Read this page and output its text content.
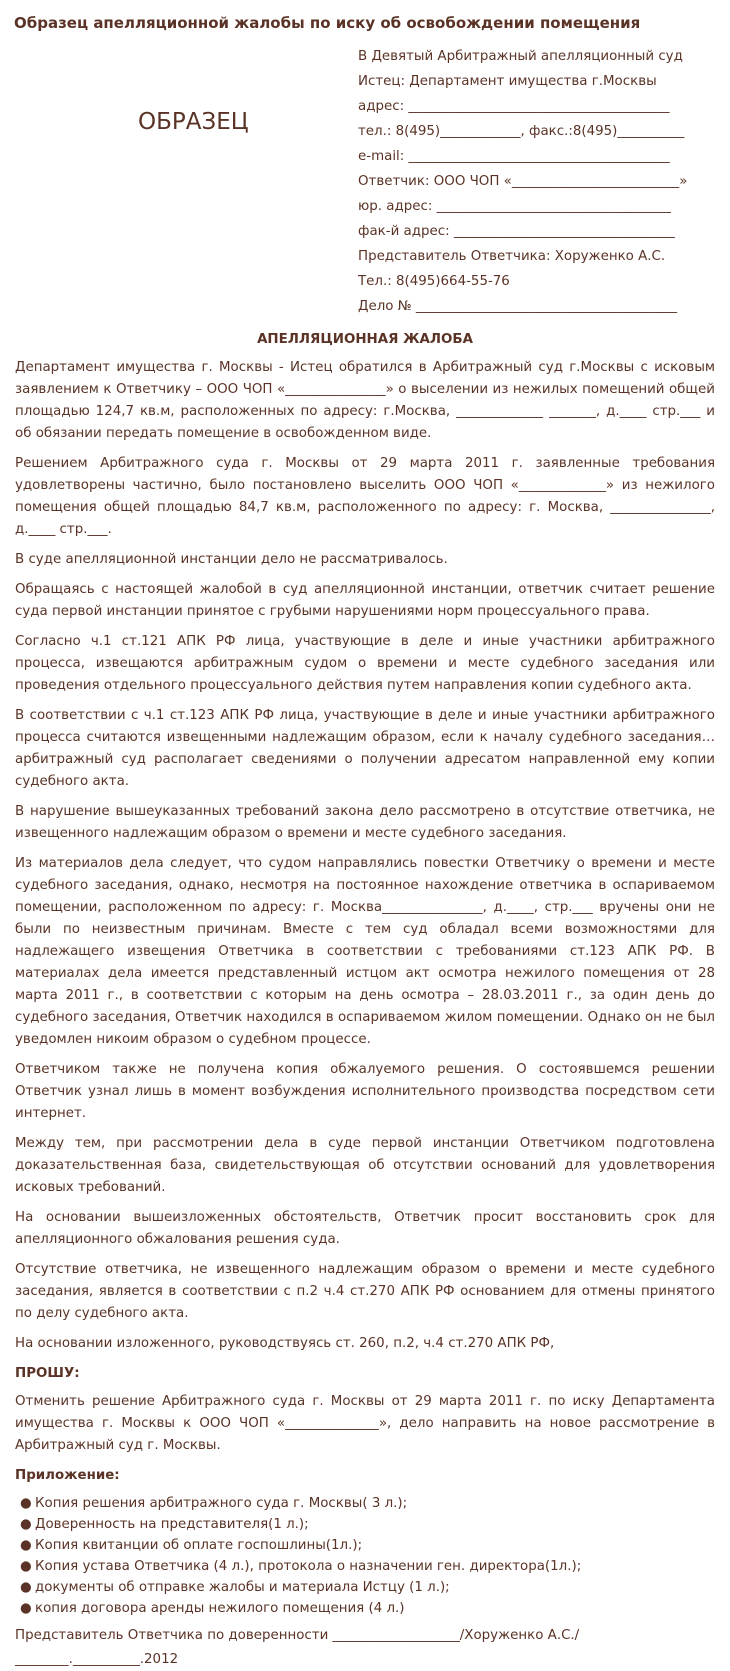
Образец апелляционной жалобы по иску об освобождении помещения
ОБРАЗЕЦ
В Девятый Арбитражный апелляционный суд
Истец: Департамент имущества г.Москвы
адрес: _______________________________________
тел.: 8(495)____________, факс.:8(495)__________
e-mail: _______________________________________
Ответчик: ООО ЧОП «_________________________»
юр. адрес: ___________________________________
фак-й адрес: _________________________________
Представитель Ответчика: Хоруженко А.С.
Тел.: 8(495)664-55-76
Дело № _______________________________________
АПЕЛЛЯЦИОННАЯ ЖАЛОБА

Департамент имущества г. Москвы - Истец обратился в Арбитражный суд г.Москвы с исковым заявлением к Ответчику – ООО ЧОП «_______________» о выселении из нежилых помещений общей площадью 124,7 кв.м, расположенных по адресу: г.Москва, _____________ _______, д.____ стр.___ и об обязании передать помещение в освобожденном виде.

Решением Арбитражного суда г. Москвы от 29 марта 2011 г. заявленные требования удовлетворены частично, было постановлено выселить ООО ЧОП «_____________» из нежилого помещения общей площадью 84,7 кв.м, расположенного по адресу: г. Москва, _______________, д.____ стр.___.

В суде апелляционной инстанции дело не рассматривалось.

Обращаясь с настоящей жалобой в суд апелляционной инстанции, ответчик считает решение суда первой инстанции принятое с грубыми нарушениями норм процессуального права.

Согласно ч.1 ст.121 АПК РФ лица, участвующие в деле и иные участники арбитражного процесса, извещаются арбитражным судом о времени и месте судебного заседания или проведения отдельного процессуального действия путем направления копии судебного акта.

В соответствии с ч.1 ст.123 АПК РФ лица, участвующие в деле и иные участники арбитражного процесса считаются извещенными надлежащим образом, если к началу судебного заседания… арбитражный суд располагает сведениями о получении адресатом направленной ему копии судебного акта.

В нарушение вышеуказанных требований закона дело рассмотрено в отсутствие ответчика, не извещенного надлежащим образом о времени и месте судебного заседания.

Из материалов дела следует, что судом направлялись повестки Ответчику о времени и месте судебного заседания, однако, несмотря на постоянное нахождение ответчика в оспариваемом помещении, расположенном по адресу: г. Москва_______________, д.____, стр.___ вручены они не были по неизвестным причинам. Вместе с тем суд обладал всеми возможностями для надлежащего извещения Ответчика в соответствии с требованиями ст.123 АПК РФ. В материалах дела имеется представленный истцом акт осмотра нежилого помещения от 28 марта 2011 г., в соответствии с которым на день осмотра – 28.03.2011 г., за один день до судебного заседания, Ответчик находился в оспариваемом жилом помещении. Однако он не был уведомлен никоим образом о судебном процессе.

Ответчиком также не получена копия обжалуемого решения. О состоявшемся решении Ответчик узнал лишь в момент возбуждения исполнительного производства посредством сети интернет.

Между тем, при рассмотрении дела в суде первой инстанции Ответчиком подготовлена доказательственная база, свидетельствующая об отсутствии оснований для удовлетворения исковых требований.

На основании вышеизложенных обстоятельств, Ответчик просит восстановить срок для апелляционного обжалования решения суда.

Отсутствие ответчика, не извещенного надлежащим образом о времени и месте судебного заседания, является в соответствии с п.2 ч.4 ст.270 АПК РФ основанием для отмены принятого по делу судебного акта.

На основании изложенного, руководствуясь ст. 260, п.2, ч.4 ст.270 АПК РФ,

ПРОШУ:

Отменить решение Арбитражного суда г. Москвы от 29 марта 2011 г. по иску Департамента имущества г. Москвы к ООО ЧОП «______________», дело направить на новое рассмотрение в Арбитражный суд г. Москвы.

Приложение:
● Копия решения арбитражного суда г. Москвы( 3 л.);
● Доверенность на представителя(1 л.);
● Копия квитанции об оплате госпошлины(1л.);
● Копия устава Ответчика (4 л.), протокола о назначении ген. директора(1л.);
● документы об отправке жалобы и материала Истцу (1 л.);
● копия договора аренды нежилого помещения (4 л.)
Представитель Ответчика по доверенности ___________________/Хоруженко А.С./
________.__________.2012
